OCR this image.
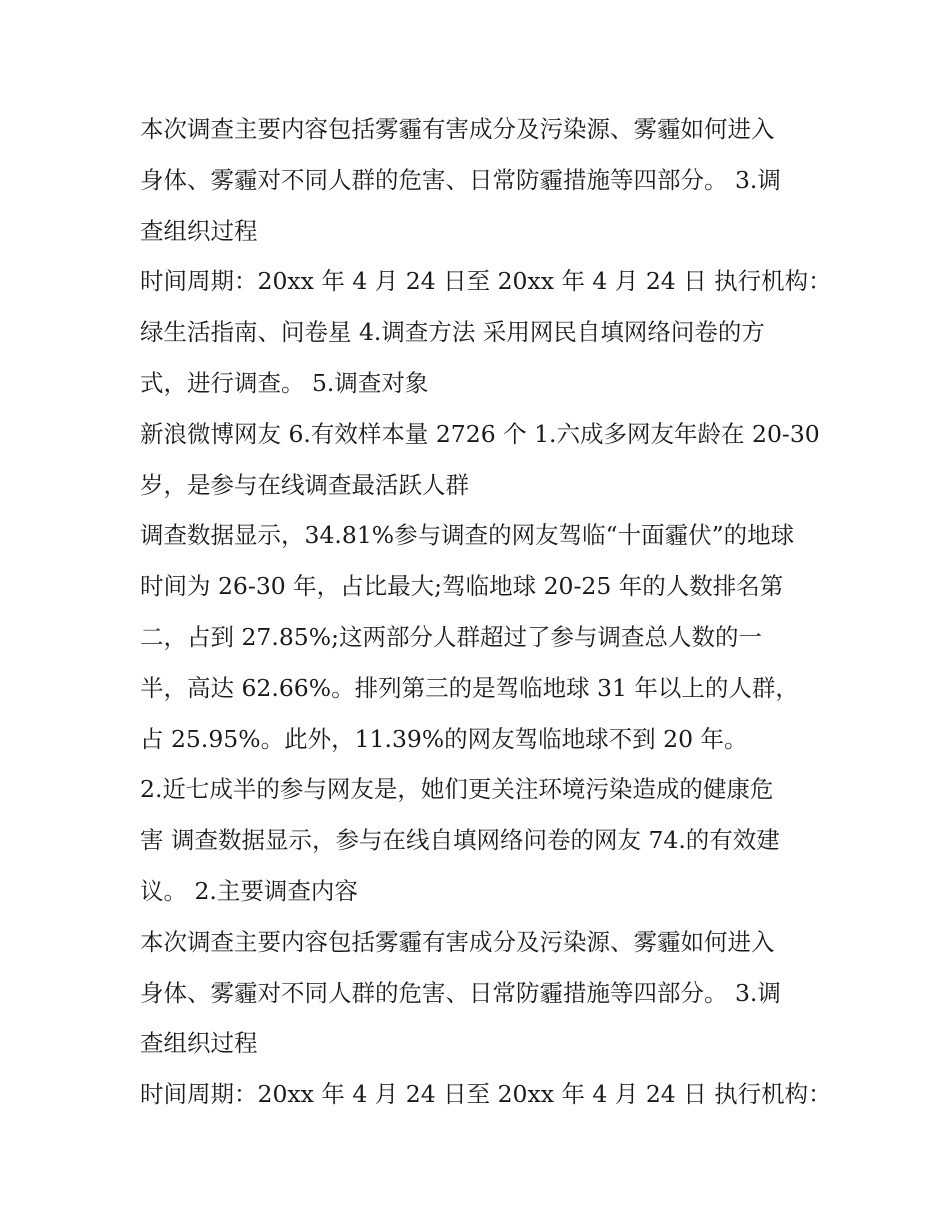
本次调查主要内容包括雾霾有害成分及污染源、雾霾如何进入
身体、雾霾对不同人群的危害、日常防霾措施等四部分。 3.调
查组织过程
时间周期：20xx 年 4 月 24 日至 20xx 年 4 月 24 日 执行机构：
绿生活指南、问卷星 4.调查方法 采用网民自填网络问卷的方
式，进行调查。 5.调查对象
新浪微博网友 6.有效样本量 2726 个 1.六成多网友年龄在 20-30
岁，是参与在线调查最活跃人群
调查数据显示，34.81%参与调查的网友驾临“十面霾伏”的地球
时间为 26-30 年，占比最大;驾临地球 20-25 年的人数排名第
二，占到 27.85%;这两部分人群超过了参与调查总人数的一
半，高达 62.66%。排列第三的是驾临地球 31 年以上的人群，
占 25.95%。此外，11.39%的网友驾临地球不到 20 年。
2.近七成半的参与网友是，她们更关注环境污染造成的健康危
害 调查数据显示，参与在线自填网络问卷的网友 74.的有效建
议。 2.主要调查内容
本次调查主要内容包括雾霾有害成分及污染源、雾霾如何进入
身体、雾霾对不同人群的危害、日常防霾措施等四部分。 3.调
查组织过程
时间周期：20xx 年 4 月 24 日至 20xx 年 4 月 24 日 执行机构：
